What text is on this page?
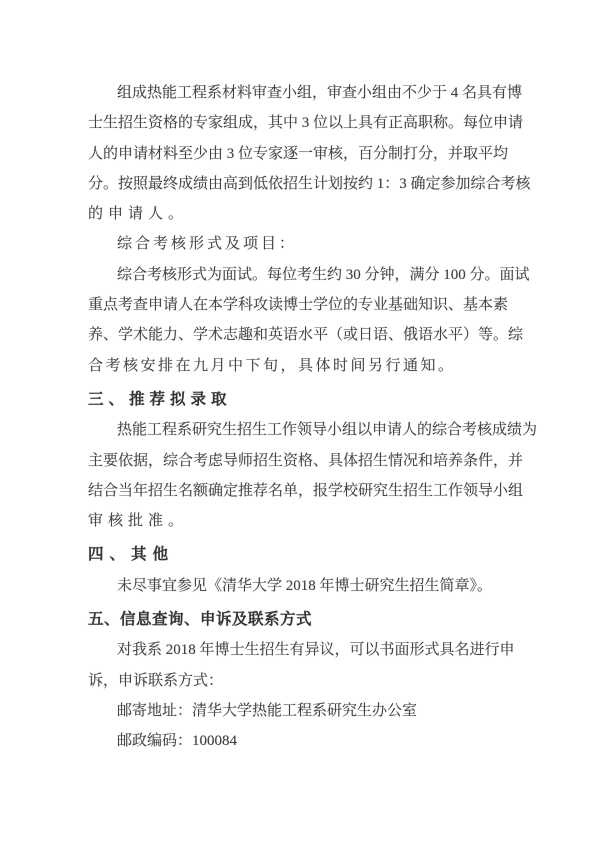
组成热能工程系材料审查小组，审查小组由不少于 4 名具有博
士生招生资格的专家组成，其中 3 位以上具有正高职称。每位申请
人的申请材料至少由 3 位专家逐一审核，百分制打分，并取平均
分。按照最终成绩由高到低依招生计划按约 1：3 确定参加综合考核
的申请人。
综合考核形式及项目：
综合考核形式为面试。每位考生约 30 分钟，满分 100 分。面试
重点考查申请人在本学科攻读博士学位的专业基础知识、基本素
养、学术能力、学术志趣和英语水平（或日语、俄语水平）等。综
合考核安排在九月中下旬，具体时间另行通知。
三、推荐拟录取
热能工程系研究生招生工作领导小组以申请人的综合考核成绩为
主要依据，综合考虑导师招生资格、具体招生情况和培养条件，并
结合当年招生名额确定推荐名单，报学校研究生招生工作领导小组
审核批准。
四、其他
未尽事宜参见《清华大学 2018 年博士研究生招生简章》。
五、信息查询、申诉及联系方式
对我系 2018 年博士生招生有异议，可以书面形式具名进行申
诉，申诉联系方式：
邮寄地址：清华大学热能工程系研究生办公室
邮政编码：100084
